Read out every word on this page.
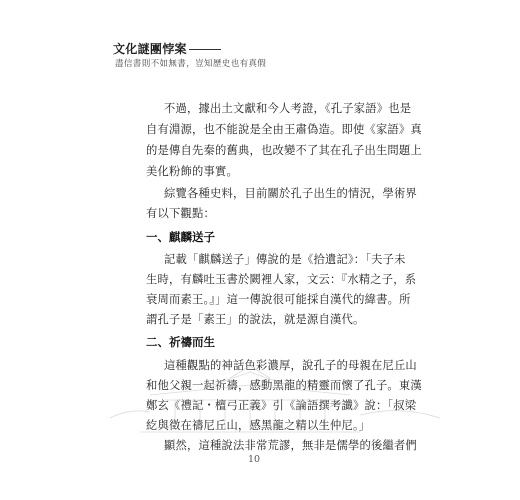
文化謎團悖案
盡信書則不如無書，豈知歷史也有真假
不過，據出土文獻和今人考證，《孔子家語》也是
自有淵源，也不能說是全由王肅偽造。即使《家語》真
的是傳自先秦的舊典，也改變不了其在孔子出生問題上
美化粉飾的事實。
綜覽各種史料，目前關於孔子出生的情況，學術界
有以下觀點：
一、麒麟送子
記載「麒麟送子」傳說的是《拾遺記》：「夫子未
生時，有麟吐玉書於闕裡人家，文云：『水精之子，系
衰周而素王。』」這一傳說很可能採自漢代的緯書。所
謂孔子是「素王」的說法，就是源自漢代。
二、祈禱而生
這種觀點的神話色彩濃厚，說孔子的母親在尼丘山
和他父親一起祈禱，感動黑龍的精靈而懷了孔子。東漢
鄭玄《禮記・檀弓正義》引《論語撰考讖》說：「叔梁
紇與徵在禱尼丘山，感黑龍之精以生仲尼。」
顯然，這種說法非常荒謬，無非是儒學的後繼者們
10
